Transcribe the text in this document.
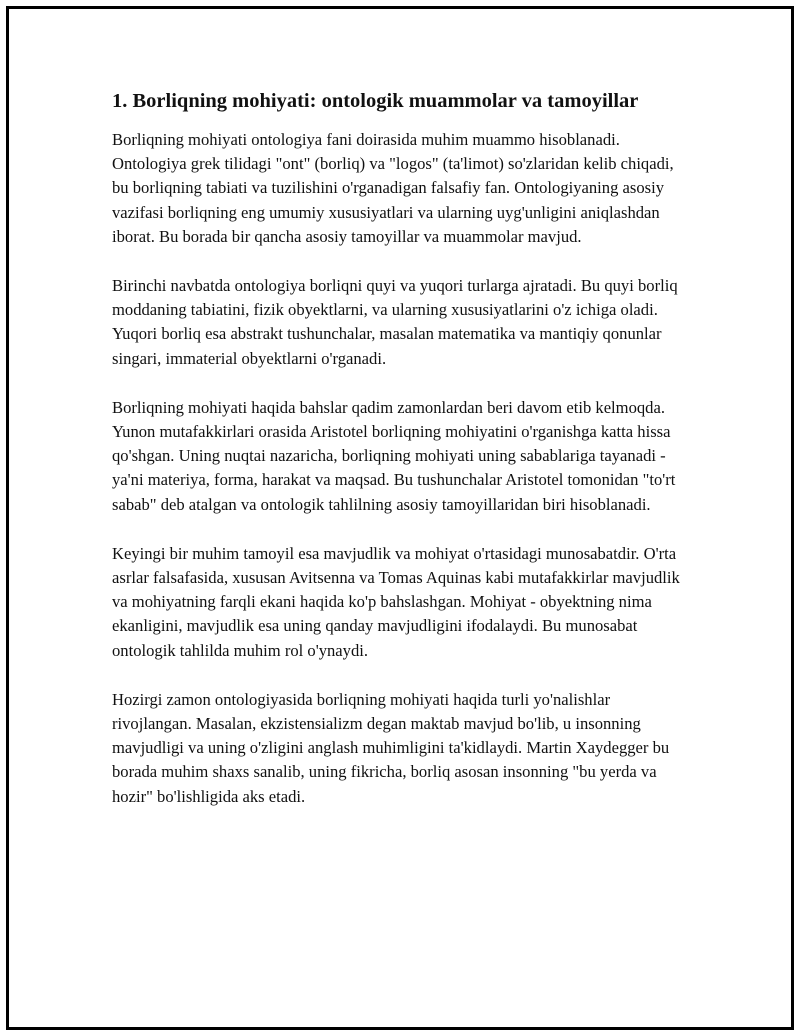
1. Borliqning mohiyati: ontologik muammolar va tamoyillar

Borliqning mohiyati ontologiya fani doirasida muhim muammo hisoblanadi. Ontologiya grek tilidagi "ont" (borliq) va "logos" (ta'limot) so'zlaridan kelib chiqadi, bu borliqning tabiati va tuzilishini o'rganadigan falsafiy fan. Ontologiyaning asosiy vazifasi borliqning eng umumiy xususiyatlari va ularning uyg'unligini aniqlashdan iborat. Bu borada bir qancha asosiy tamoyillar va muammolar mavjud.

Birinchi navbatda ontologiya borliqni quyi va yuqori turlarga ajratadi. Bu quyi borliq moddaning tabiatini, fizik obyektlarni, va ularning xususiyatlarini o'z ichiga oladi. Yuqori borliq esa abstrakt tushunchalar, masalan matematika va mantiqiy qonunlar singari, immaterial obyektlarni o'rganadi.

Borliqning mohiyati haqida bahslar qadim zamonlardan beri davom etib kelmoqda. Yunon mutafakkirlari orasida Aristotel borliqning mohiyatini o'rganishga katta hissa qo'shgan. Uning nuqtai nazaricha, borliqning mohiyati uning sabablariga tayanadi - ya'ni materiya, forma, harakat va maqsad. Bu tushunchalar Aristotel tomonidan "to'rt sabab" deb atalgan va ontologik tahlilning asosiy tamoyillaridan biri hisoblanadi.

Keyingi bir muhim tamoyil esa mavjudlik va mohiyat o'rtasidagi munosabatdir. O'rta asrlar falsafasida, xususan Avitsenna va Tomas Aquinas kabi mutafakkirlar mavjudlik va mohiyatning farqli ekani haqida ko'p bahslashgan. Mohiyat - obyektning nima ekanligini, mavjudlik esa uning qanday mavjudligini ifodalaydi. Bu munosabat ontologik tahlilda muhim rol o'ynaydi.

Hozirgi zamon ontologiyasida borliqning mohiyati haqida turli yo'nalishlar rivojlangan. Masalan, ekzistensializm degan maktab mavjud bo'lib, u insonning mavjudligi va uning o'zligini anglash muhimligini ta'kidlaydi. Martin Xaydegger bu borada muhim shaxs sanalib, uning fikricha, borliq asosan insonning "bu yerda va hozir" bo'lishligida aks etadi.
